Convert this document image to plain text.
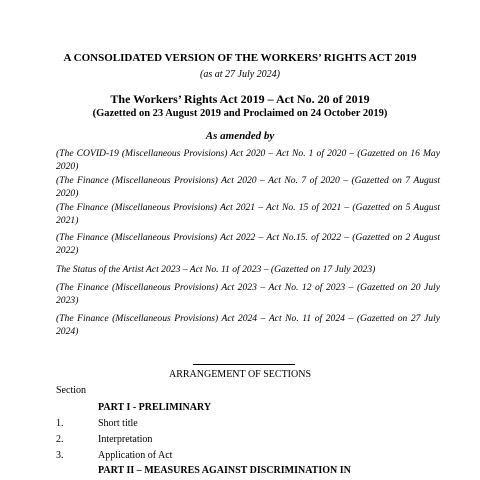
A CONSOLIDATED VERSION OF THE WORKERS’ RIGHTS ACT 2019
(as at 27 July 2024)
The Workers’ Rights Act 2019 – Act No. 20 of 2019
(Gazetted on 23 August 2019 and Proclaimed on 24 October 2019)
As amended by
(The COVID-19 (Miscellaneous Provisions) Act 2020 – Act No. 1 of 2020 – (Gazetted on 16 May 2020)
(The Finance (Miscellaneous Provisions) Act 2020 – Act No. 7 of 2020 – (Gazetted on 7 August 2020)
(The Finance (Miscellaneous Provisions) Act 2021 – Act No. 15 of 2021 – (Gazetted on 5 August 2021)
(The Finance (Miscellaneous Provisions) Act 2022 – Act No.15. of 2022 – (Gazetted on 2 August 2022)
The Status of the Artist Act 2023 – Act No. 11 of 2023 – (Gazetted on 17 July 2023)
(The Finance (Miscellaneous Provisions) Act 2023 – Act No. 12 of 2023 – (Gazetted on 20 July 2023)
(The Finance (Miscellaneous Provisions) Act 2024 – Act No. 11 of 2024 – (Gazetted on 27 July 2024)
ARRANGEMENT OF SECTIONS
Section
PART I - PRELIMINARY
1.	Short title
2.	Interpretation
3.	Application of Act
PART II – MEASURES AGAINST DISCRIMINATION IN
